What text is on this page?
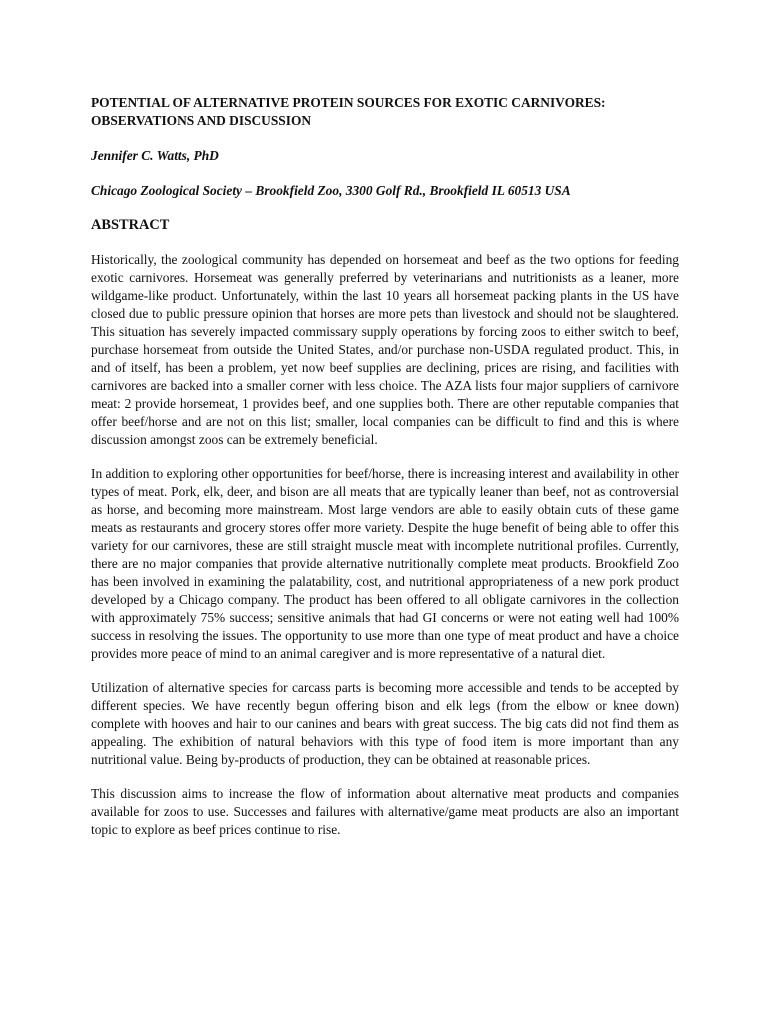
POTENTIAL OF ALTERNATIVE PROTEIN SOURCES FOR EXOTIC CARNIVORES: OBSERVATIONS AND DISCUSSION

Jennifer C. Watts, PhD

Chicago Zoological Society – Brookfield Zoo, 3300 Golf Rd., Brookfield IL 60513 USA

ABSTRACT

Historically, the zoological community has depended on horsemeat and beef as the two options for feeding exotic carnivores. Horsemeat was generally preferred by veterinarians and nutritionists as a leaner, more wildgame-like product. Unfortunately, within the last 10 years all horsemeat packing plants in the US have closed due to public pressure opinion that horses are more pets than livestock and should not be slaughtered. This situation has severely impacted commissary supply operations by forcing zoos to either switch to beef, purchase horsemeat from outside the United States, and/or purchase non-USDA regulated product. This, in and of itself, has been a problem, yet now beef supplies are declining, prices are rising, and facilities with carnivores are backed into a smaller corner with less choice. The AZA lists four major suppliers of carnivore meat: 2 provide horsemeat, 1 provides beef, and one supplies both. There are other reputable companies that offer beef/horse and are not on this list; smaller, local companies can be difficult to find and this is where discussion amongst zoos can be extremely beneficial.

In addition to exploring other opportunities for beef/horse, there is increasing interest and availability in other types of meat. Pork, elk, deer, and bison are all meats that are typically leaner than beef, not as controversial as horse, and becoming more mainstream. Most large vendors are able to easily obtain cuts of these game meats as restaurants and grocery stores offer more variety. Despite the huge benefit of being able to offer this variety for our carnivores, these are still straight muscle meat with incomplete nutritional profiles. Currently, there are no major companies that provide alternative nutritionally complete meat products. Brookfield Zoo has been involved in examining the palatability, cost, and nutritional appropriateness of a new pork product developed by a Chicago company. The product has been offered to all obligate carnivores in the collection with approximately 75% success; sensitive animals that had GI concerns or were not eating well had 100% success in resolving the issues. The opportunity to use more than one type of meat product and have a choice provides more peace of mind to an animal caregiver and is more representative of a natural diet.

Utilization of alternative species for carcass parts is becoming more accessible and tends to be accepted by different species. We have recently begun offering bison and elk legs (from the elbow or knee down) complete with hooves and hair to our canines and bears with great success. The big cats did not find them as appealing. The exhibition of natural behaviors with this type of food item is more important than any nutritional value. Being by-products of production, they can be obtained at reasonable prices.

This discussion aims to increase the flow of information about alternative meat products and companies available for zoos to use. Successes and failures with alternative/game meat products are also an important topic to explore as beef prices continue to rise.
